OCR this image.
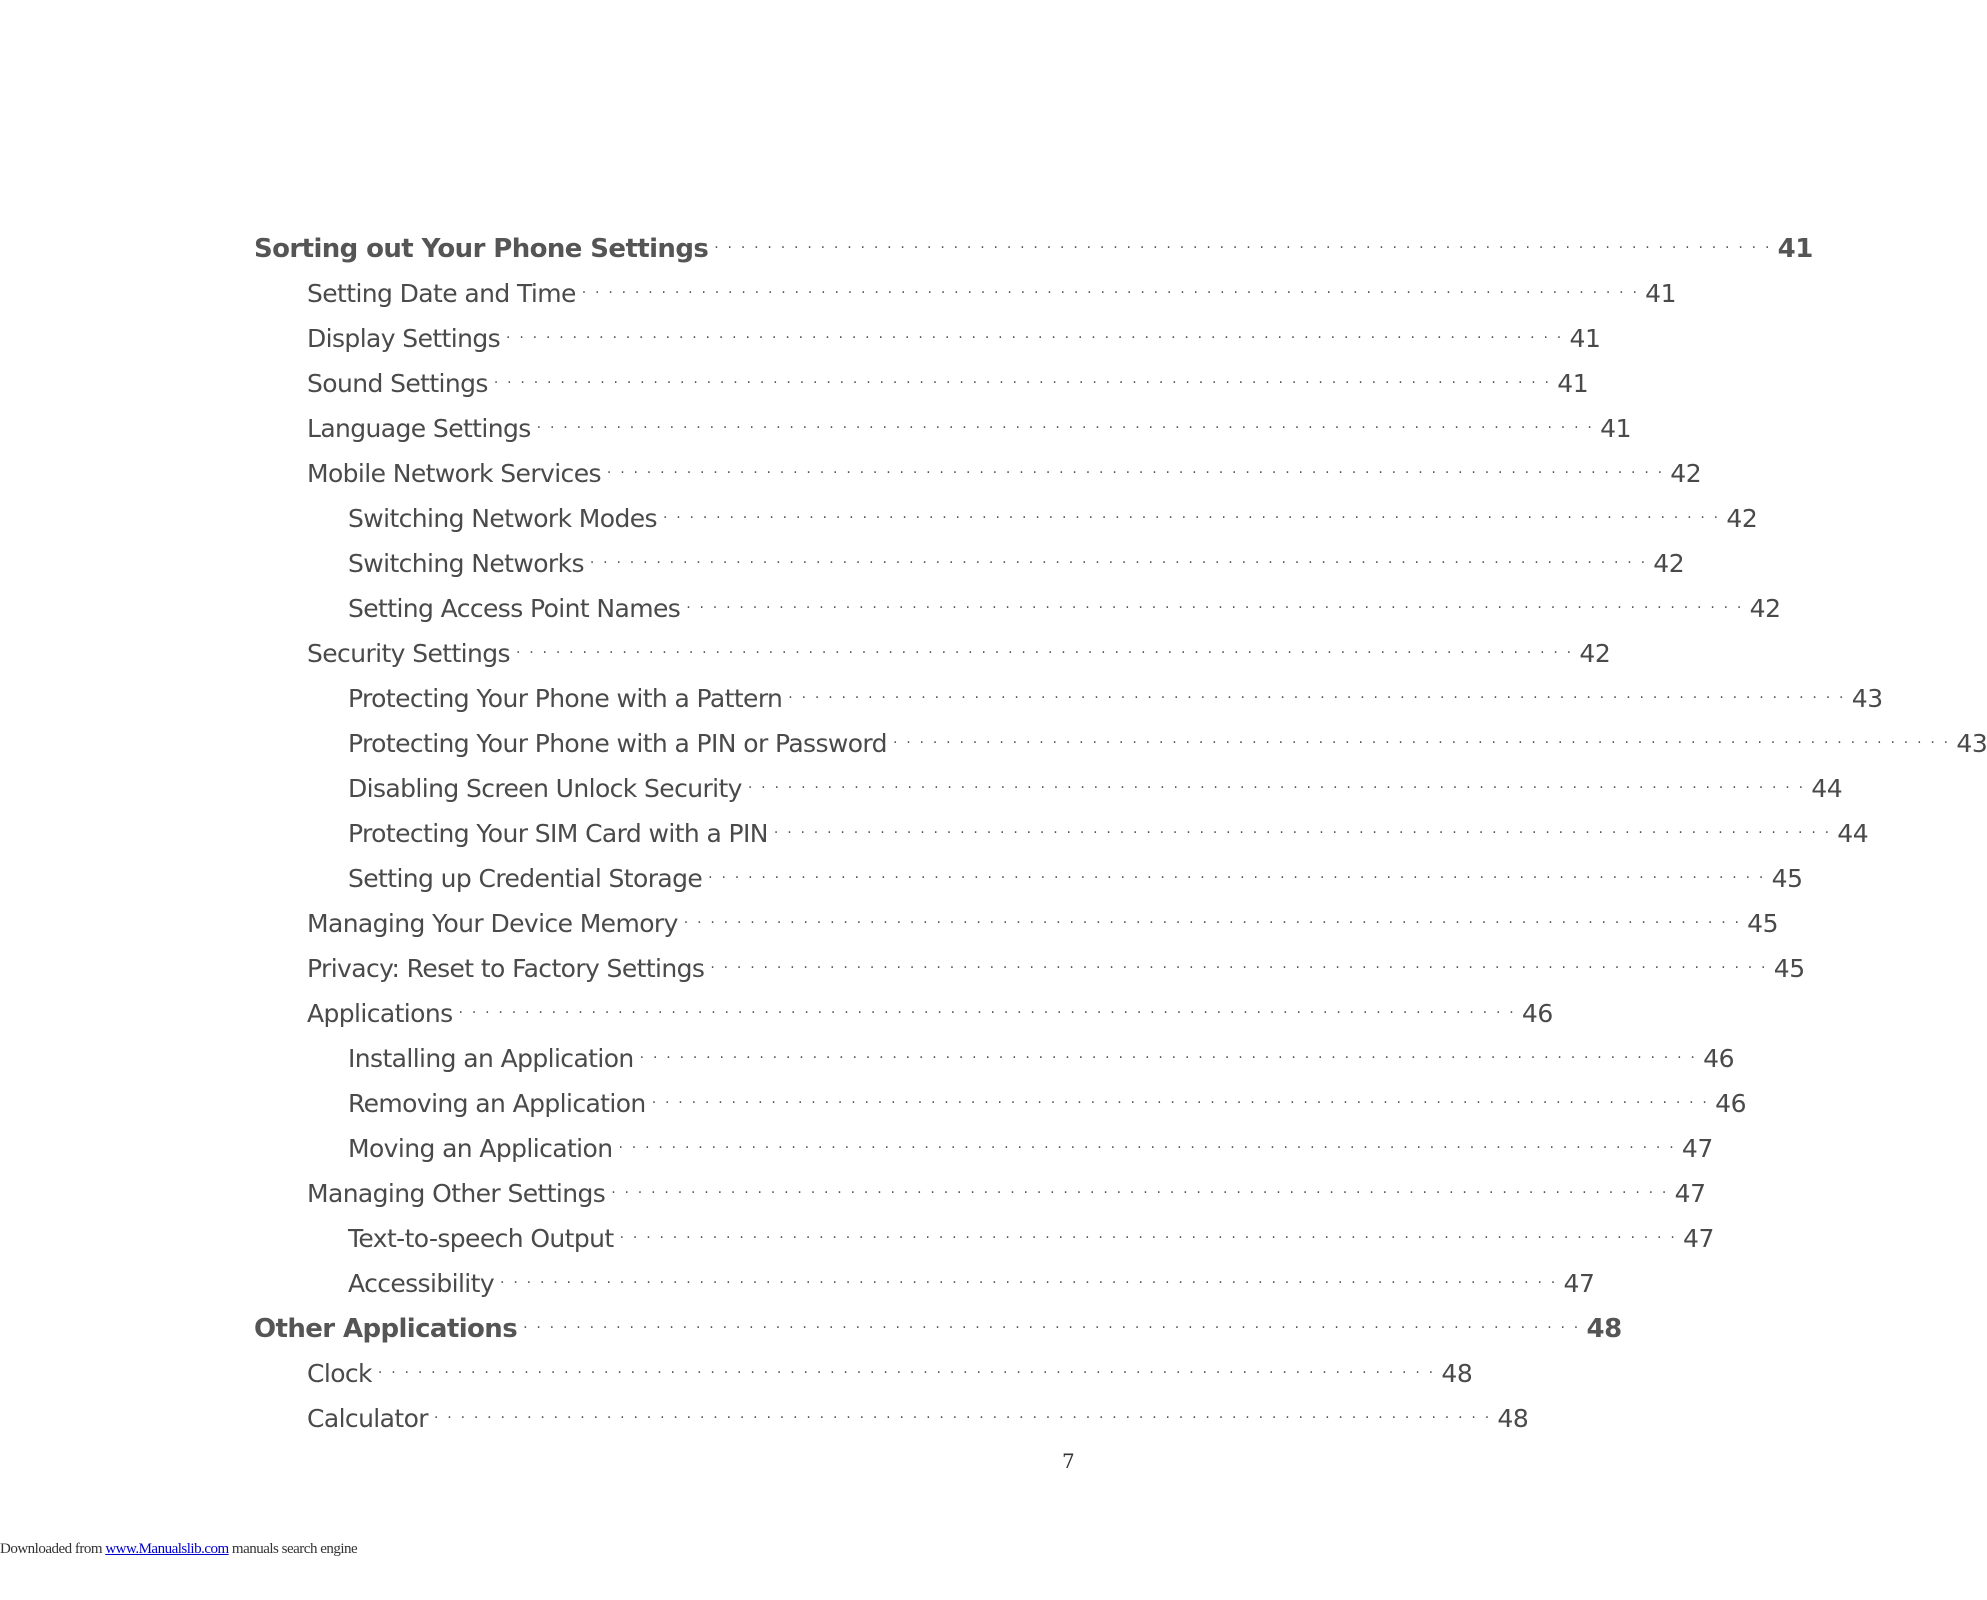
Sorting out Your Phone Settings · · · · · · · · · · · · · · · · · · · · · · · · · · · · · · · · · · · · · · · · · · · · · · · · · · · · · · · · · · · · · · · · · · · · · · · · · · · · · · · · 41
Setting Date and Time · · · · · · · · · · · · · · · · · · · · · · · · · · · · · · · · · · · · · · · · · · · · · · · · · · · · · · · · · · · · · · · · · · · · · · · · · · · · · · · · 41
Display Settings · · · · · · · · · · · · · · · · · · · · · · · · · · · · · · · · · · · · · · · · · · · · · · · · · · · · · · · · · · · · · · · · · · · · · · · · · · · · · · · · 41
Sound Settings · · · · · · · · · · · · · · · · · · · · · · · · · · · · · · · · · · · · · · · · · · · · · · · · · · · · · · · · · · · · · · · · · · · · · · · · · · · · · · · · 41
Language Settings · · · · · · · · · · · · · · · · · · · · · · · · · · · · · · · · · · · · · · · · · · · · · · · · · · · · · · · · · · · · · · · · · · · · · · · · · · · · · · · · 41
Mobile Network Services · · · · · · · · · · · · · · · · · · · · · · · · · · · · · · · · · · · · · · · · · · · · · · · · · · · · · · · · · · · · · · · · · · · · · · · · · · · · · · · · 42
Switching Network Modes · · · · · · · · · · · · · · · · · · · · · · · · · · · · · · · · · · · · · · · · · · · · · · · · · · · · · · · · · · · · · · · · · · · · · · · · · · · · · · · · 42
Switching Networks · · · · · · · · · · · · · · · · · · · · · · · · · · · · · · · · · · · · · · · · · · · · · · · · · · · · · · · · · · · · · · · · · · · · · · · · · · · · · · · · 42
Setting Access Point Names · · · · · · · · · · · · · · · · · · · · · · · · · · · · · · · · · · · · · · · · · · · · · · · · · · · · · · · · · · · · · · · · · · · · · · · · · · · · · · · · 42
Security Settings · · · · · · · · · · · · · · · · · · · · · · · · · · · · · · · · · · · · · · · · · · · · · · · · · · · · · · · · · · · · · · · · · · · · · · · · · · · · · · · · 42
Protecting Your Phone with a Pattern · · · · · · · · · · · · · · · · · · · · · · · · · · · · · · · · · · · · · · · · · · · · · · · · · · · · · · · · · · · · · · · · · · · · · · · · · · · · · · · · 43
Protecting Your Phone with a PIN or Password · · · · · · · · · · · · · · · · · · · · · · · · · · · · · · · · · · · · · · · · · · · · · · · · · · · · · · · · · · · · · · · · · · · · · · · · · · · · · · · · 43
Disabling Screen Unlock Security · · · · · · · · · · · · · · · · · · · · · · · · · · · · · · · · · · · · · · · · · · · · · · · · · · · · · · · · · · · · · · · · · · · · · · · · · · · · · · · · 44
Protecting Your SIM Card with a PIN · · · · · · · · · · · · · · · · · · · · · · · · · · · · · · · · · · · · · · · · · · · · · · · · · · · · · · · · · · · · · · · · · · · · · · · · · · · · · · · · 44
Setting up Credential Storage · · · · · · · · · · · · · · · · · · · · · · · · · · · · · · · · · · · · · · · · · · · · · · · · · · · · · · · · · · · · · · · · · · · · · · · · · · · · · · · · 45
Managing Your Device Memory · · · · · · · · · · · · · · · · · · · · · · · · · · · · · · · · · · · · · · · · · · · · · · · · · · · · · · · · · · · · · · · · · · · · · · · · · · · · · · · · 45
Privacy: Reset to Factory Settings · · · · · · · · · · · · · · · · · · · · · · · · · · · · · · · · · · · · · · · · · · · · · · · · · · · · · · · · · · · · · · · · · · · · · · · · · · · · · · · · 45
Applications · · · · · · · · · · · · · · · · · · · · · · · · · · · · · · · · · · · · · · · · · · · · · · · · · · · · · · · · · · · · · · · · · · · · · · · · · · · · · · · · 46
Installing an Application · · · · · · · · · · · · · · · · · · · · · · · · · · · · · · · · · · · · · · · · · · · · · · · · · · · · · · · · · · · · · · · · · · · · · · · · · · · · · · · · 46
Removing an Application · · · · · · · · · · · · · · · · · · · · · · · · · · · · · · · · · · · · · · · · · · · · · · · · · · · · · · · · · · · · · · · · · · · · · · · · · · · · · · · · 46
Moving an Application · · · · · · · · · · · · · · · · · · · · · · · · · · · · · · · · · · · · · · · · · · · · · · · · · · · · · · · · · · · · · · · · · · · · · · · · · · · · · · · · 47
Managing Other Settings · · · · · · · · · · · · · · · · · · · · · · · · · · · · · · · · · · · · · · · · · · · · · · · · · · · · · · · · · · · · · · · · · · · · · · · · · · · · · · · · 47
Text-to-speech Output · · · · · · · · · · · · · · · · · · · · · · · · · · · · · · · · · · · · · · · · · · · · · · · · · · · · · · · · · · · · · · · · · · · · · · · · · · · · · · · · 47
Accessibility · · · · · · · · · · · · · · · · · · · · · · · · · · · · · · · · · · · · · · · · · · · · · · · · · · · · · · · · · · · · · · · · · · · · · · · · · · · · · · · · 47
Other Applications · · · · · · · · · · · · · · · · · · · · · · · · · · · · · · · · · · · · · · · · · · · · · · · · · · · · · · · · · · · · · · · · · · · · · · · · · · · · · · · · 48
Clock · · · · · · · · · · · · · · · · · · · · · · · · · · · · · · · · · · · · · · · · · · · · · · · · · · · · · · · · · · · · · · · · · · · · · · · · · · · · · · · · 48
Calculator · · · · · · · · · · · · · · · · · · · · · · · · · · · · · · · · · · · · · · · · · · · · · · · · · · · · · · · · · · · · · · · · · · · · · · · · · · · · · · · · 48
7
Downloaded from www.Manualslib.com manuals search engine
